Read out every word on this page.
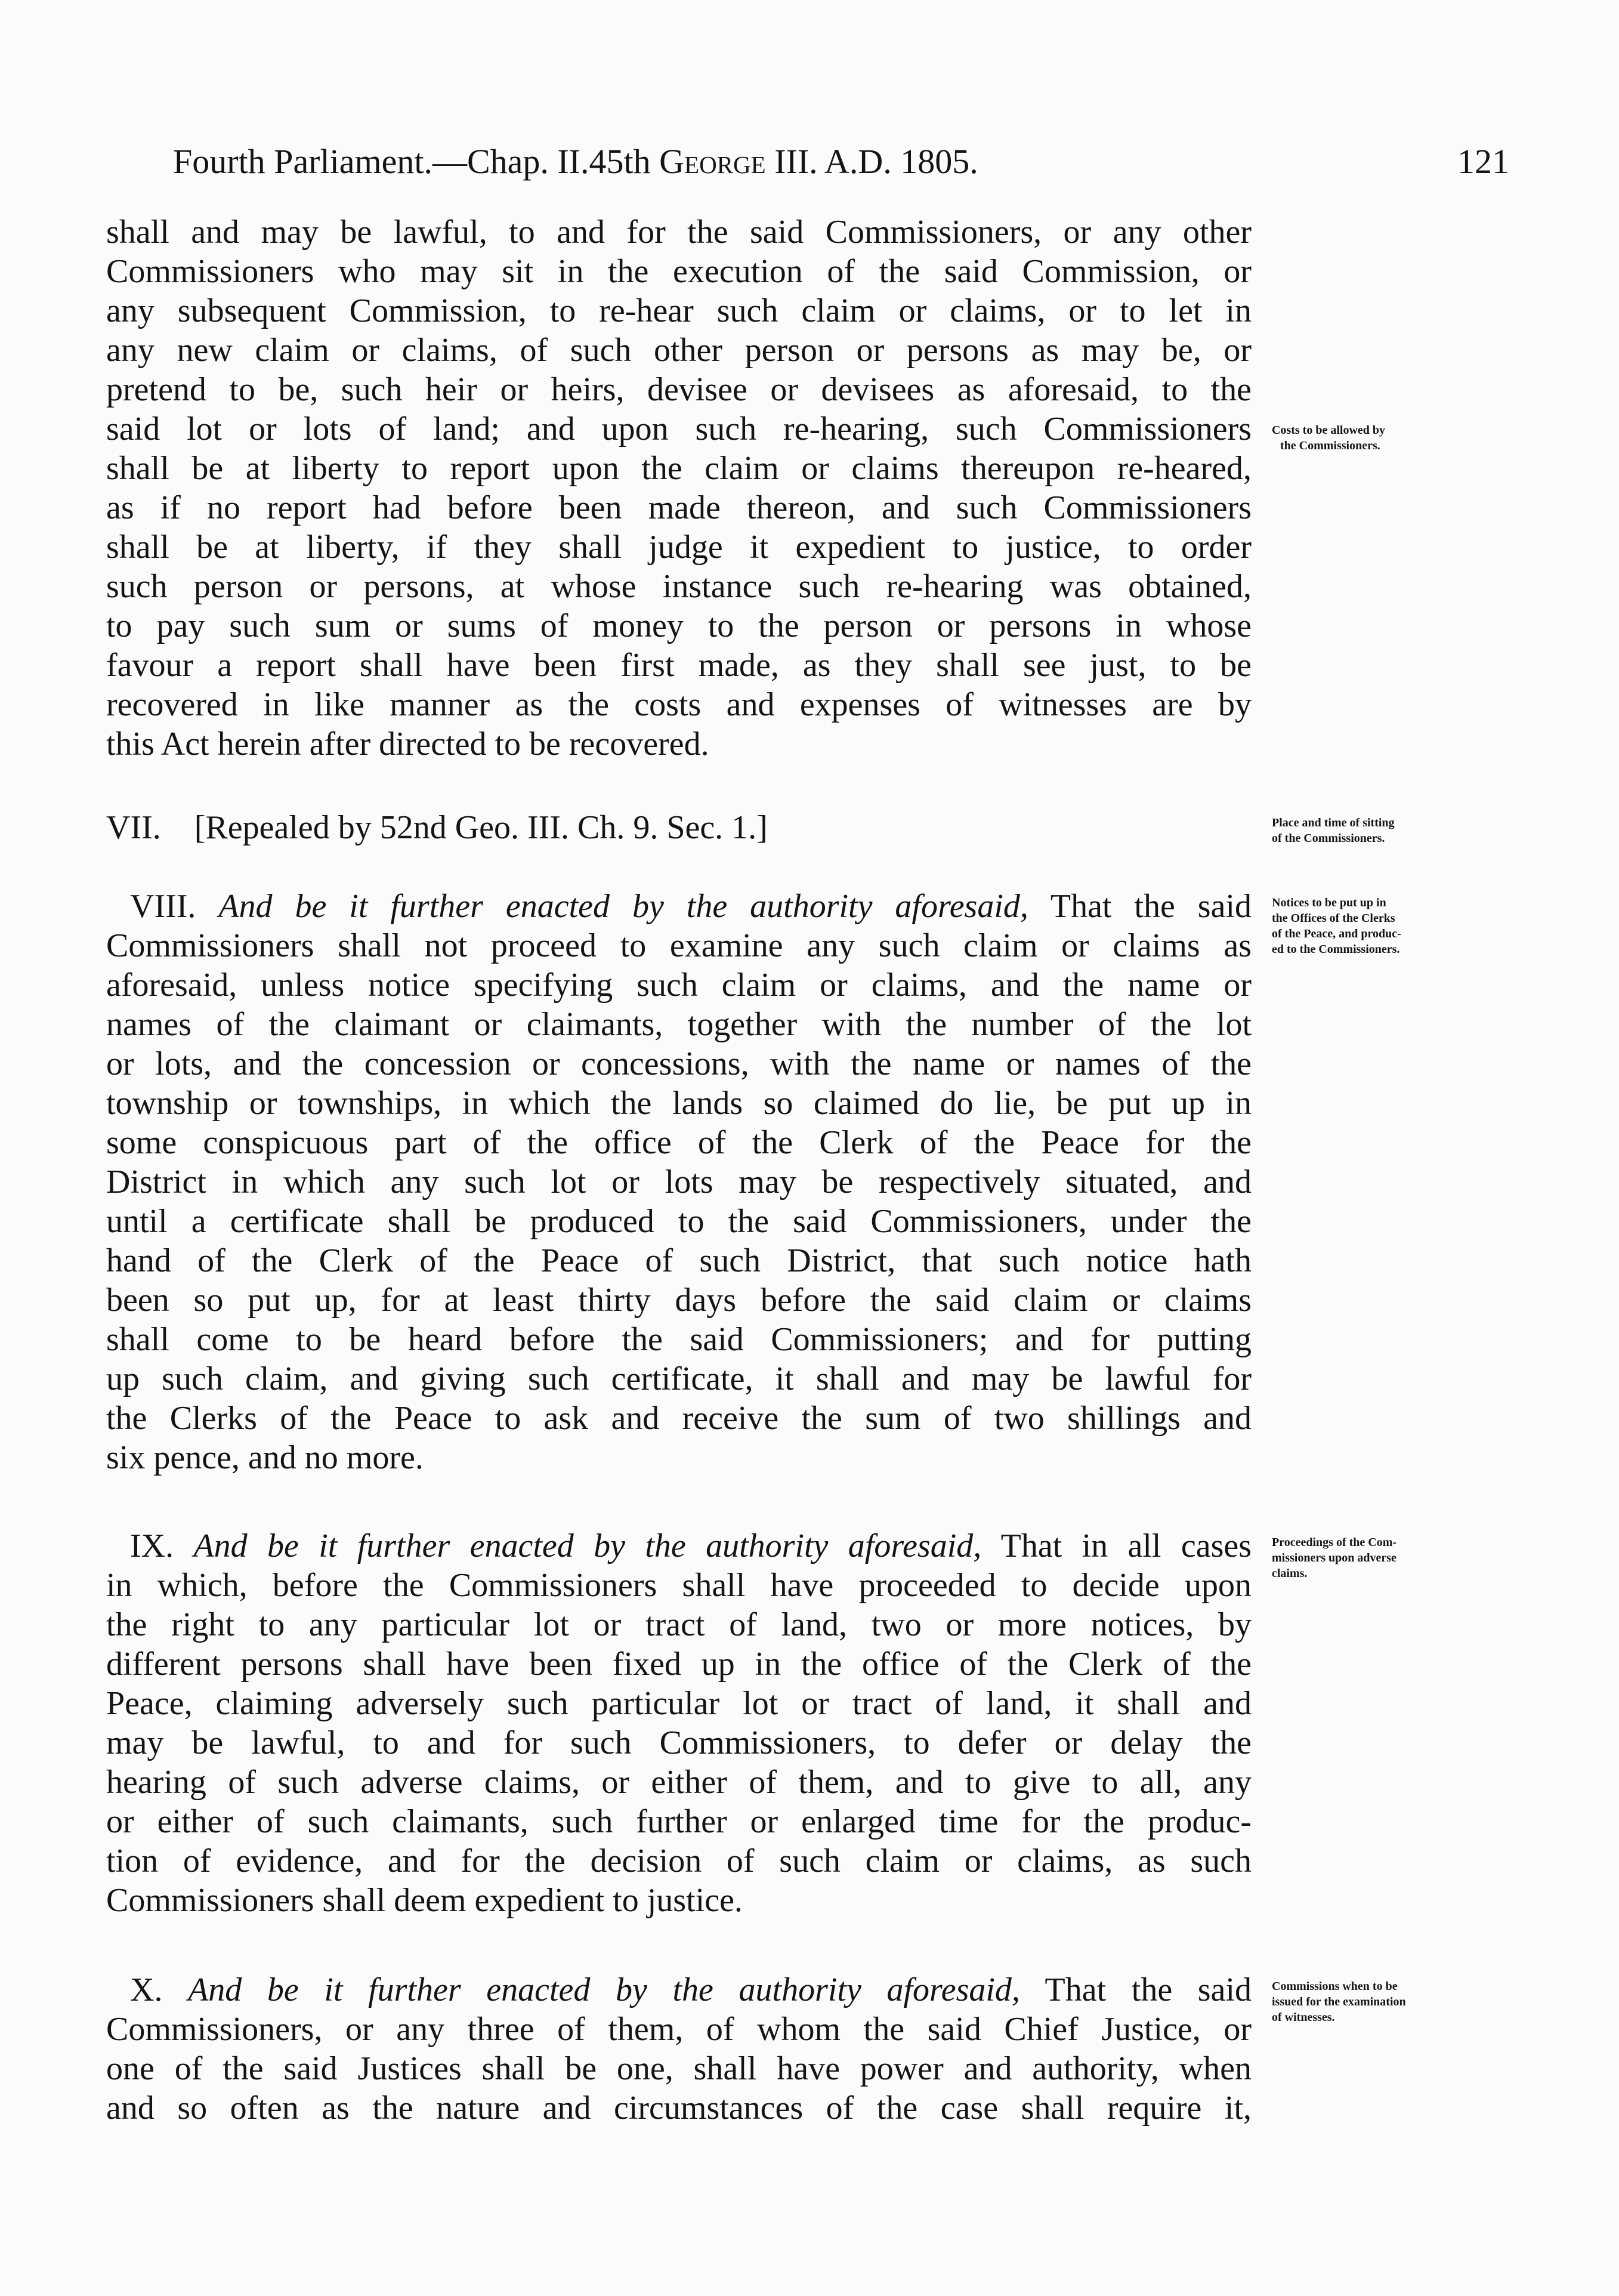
Fourth Parliament.—Chap. II.45th George III. A.D. 1805.	121
shall and may be lawful, to and for the said Commissioners, or any other
Commissioners who may sit in the execution of the said Commission, or
any subsequent Commission, to re-hear such claim or claims, or to let in
any new claim or claims, of such other person or persons as may be, or
pretend to be, such heir or heirs, devisee or devisees as aforesaid, to the
said lot or lots of land; and upon such re-hearing, such Commissioners
shall be at liberty to report upon the claim or claims thereupon re-heared,
as if no report had before been made thereon, and such Commissioners
shall be at liberty, if they shall judge it expedient to justice, to order
such person or persons, at whose instance such re-hearing was obtained,
to pay such sum or sums of money to the person or persons in whose
favour a report shall have been first made, as they shall see just, to be
recovered in like manner as the costs and expenses of witnesses are by
this Act herein after directed to be recovered.
VII. [Repealed by 52nd Geo. III. Ch. 9. Sec. 1.]
VIII. And be it further enacted by the authority aforesaid, That the said
Commissioners shall not proceed to examine any such claim or claims as
aforesaid, unless notice specifying such claim or claims, and the name or
names of the claimant or claimants, together with the number of the lot
or lots, and the concession or concessions, with the name or names of the
township or townships, in which the lands so claimed do lie, be put up in
some conspicuous part of the office of the Clerk of the Peace for the
District in which any such lot or lots may be respectively situated, and
until a certificate shall be produced to the said Commissioners, under the
hand of the Clerk of the Peace of such District, that such notice hath
been so put up, for at least thirty days before the said claim or claims
shall come to be heard before the said Commissioners; and for putting
up such claim, and giving such certificate, it shall and may be lawful for
the Clerks of the Peace to ask and receive the sum of two shillings and
six pence, and no more.
IX. And be it further enacted by the authority aforesaid, That in all cases
in which, before the Commissioners shall have proceeded to decide upon
the right to any particular lot or tract of land, two or more notices, by
different persons shall have been fixed up in the office of the Clerk of the
Peace, claiming adversely such particular lot or tract of land, it shall and
may be lawful, to and for such Commissioners, to defer or delay the
hearing of such adverse claims, or either of them, and to give to all, any
or either of such claimants, such further or enlarged time for the produc-
tion of evidence, and for the decision of such claim or claims, as such
Commissioners shall deem expedient to justice.
X. And be it further enacted by the authority aforesaid, That the said
Commissioners, or any three of them, of whom the said Chief Justice, or
one of the said Justices shall be one, shall have power and authority, when
and so often as the nature and circumstances of the case shall require it,
Costs to be allowed by
the Commissioners.
Place and time of sitting
of the Commissioners.
Notices to be put up in
the Offices of the Clerks
of the Peace, and produc-
ed to the Commissioners.
Proceedings of the Com-
missioners upon adverse
claims.
Commissions when to be
issued for the examination
of witnesses.
